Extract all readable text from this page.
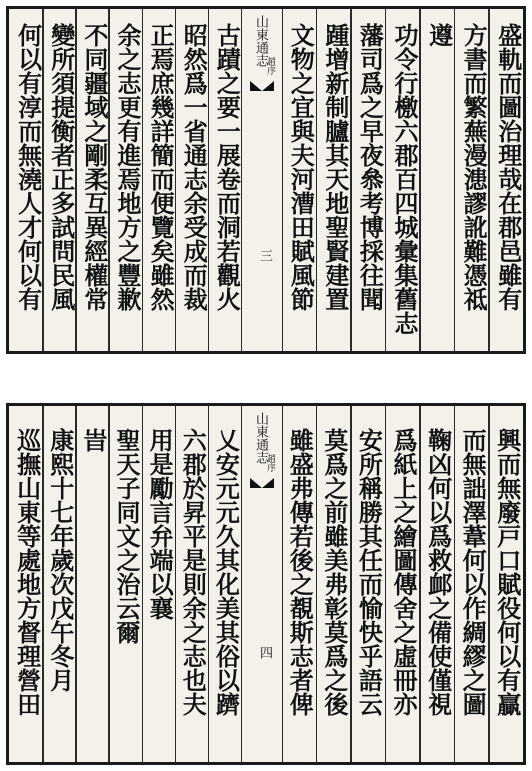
盛軌而圖治理哉在郡邑雖有
方書而繁蕪漫漶謬訛難憑祗
遵
功令行檄六郡百四城彙集舊志
藩司爲之早夜叅考博採往聞
踵增新制臚其天地聖賢建置
山東通志
趙序
三 文物之宜與夫河漕田賦風節
古蹟之要一展卷而洞若觀火
昭然爲一省通志余受成而裁
正焉庶幾詳簡而便覽矣雖然
余之志更有進焉地方之豐歉
不同疆域之剛柔互異經權常
變所須提衡者正多試問民風
何以有淳而無澆人才何以有
興而無廢戸口賦役何以有贏
而無詘澤葦何以作綢繆之圖
鞠凶何以爲救䘏之備使僅視
爲紙上之繪圖傳舍之虛冊亦
安所稱勝其任而愉快乎語云
莫爲之前雖美弗彰莫爲之後
山東通志
趙序
四 雖盛弗傳若後之覩斯志者俾
乂安元元久其化美其俗以躋
六郡於昇平是則余之志也夫
用是勵言弁端以襄
聖天子同文之治云爾
旹
康熙十七年歲次戊午冬月
巡撫山東等處地方督理營田
